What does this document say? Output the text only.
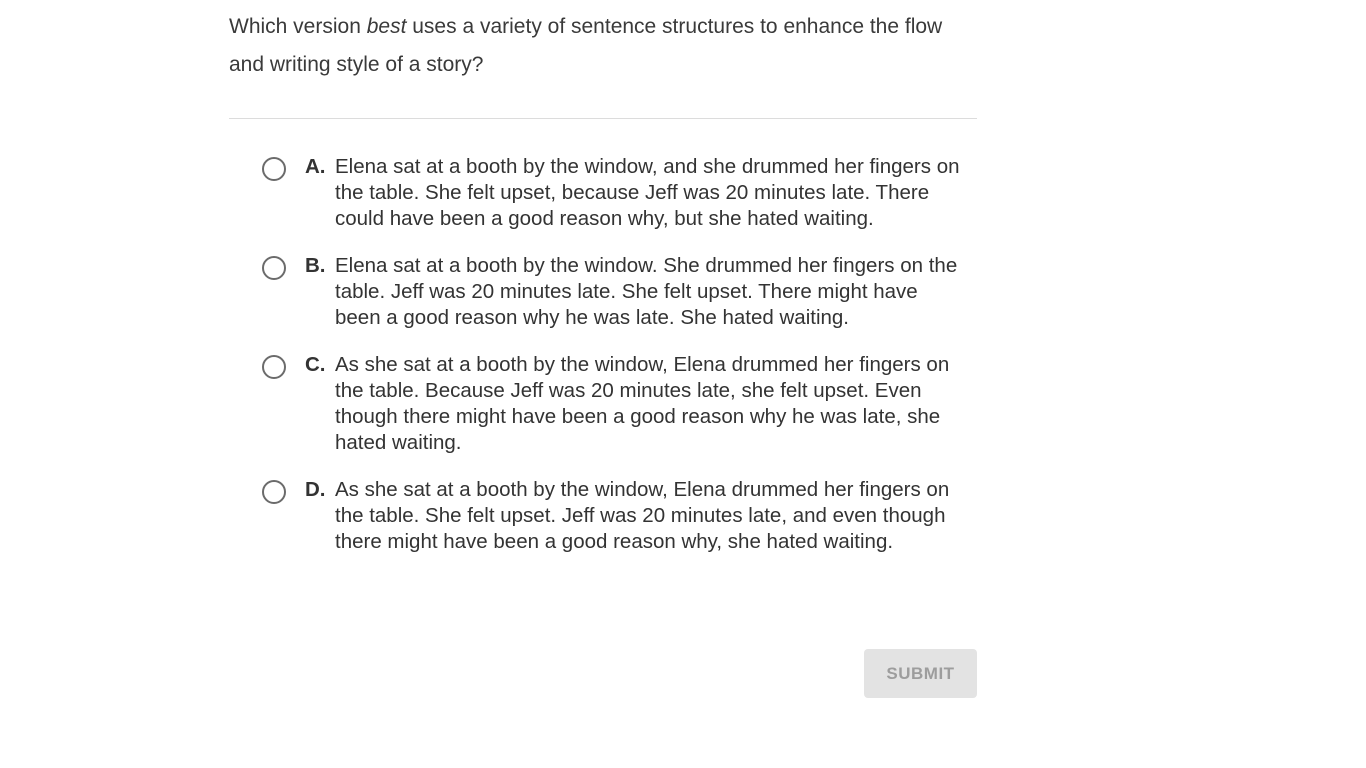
Which version best uses a variety of sentence structures to enhance the flow and writing style of a story?
A. Elena sat at a booth by the window, and she drummed her fingers on the table. She felt upset, because Jeff was 20 minutes late. There could have been a good reason why, but she hated waiting.
B. Elena sat at a booth by the window. She drummed her fingers on the table. Jeff was 20 minutes late. She felt upset. There might have been a good reason why he was late. She hated waiting.
C. As she sat at a booth by the window, Elena drummed her fingers on the table. Because Jeff was 20 minutes late, she felt upset. Even though there might have been a good reason why he was late, she hated waiting.
D. As she sat at a booth by the window, Elena drummed her fingers on the table. She felt upset. Jeff was 20 minutes late, and even though there might have been a good reason why, she hated waiting.
SUBMIT
